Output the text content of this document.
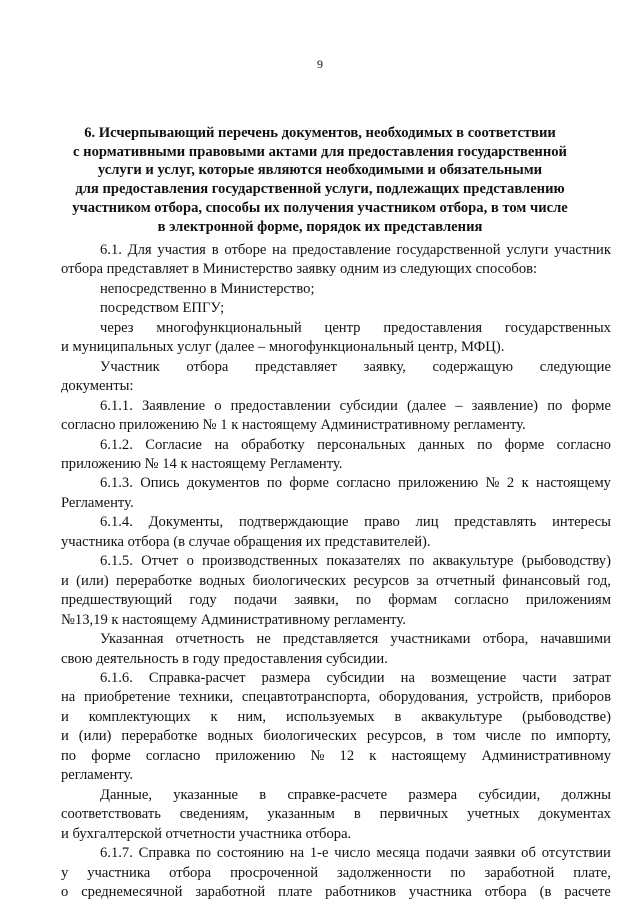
9
6. Исчерпывающий перечень документов, необходимых в соответствии
с нормативными правовыми актами для предоставления государственной
услуги и услуг, которые являются необходимыми и обязательными
для предоставления государственной услуги, подлежащих представлению
участником отбора, способы их получения участником отбора, в том числе
в электронной форме, порядок их представления
6.1. Для участия в отборе на предоставление государственной услуги участник
отбора представляет в Министерство заявку одним из следующих способов:
непосредственно в Министерство;
посредством ЕПГУ;
через многофункциональный центр предоставления государственных
и муниципальных услуг (далее – многофункциональный центр, МФЦ).
Участник отбора представляет заявку, содержащую следующие
документы:
6.1.1. Заявление о предоставлении субсидии (далее – заявление) по форме
согласно приложению № 1 к настоящему Административному регламенту.
6.1.2. Согласие на обработку персональных данных по форме согласно
приложению № 14 к настоящему Регламенту.
6.1.3. Опись документов по форме согласно приложению № 2 к настоящему
Регламенту.
6.1.4. Документы, подтверждающие право лиц представлять интересы
участника отбора (в случае обращения их представителей).
6.1.5. Отчет о производственных показателях по аквакультуре (рыбоводству)
и (или) переработке водных биологических ресурсов за отчетный финансовый год,
предшествующий году подачи заявки, по формам согласно приложениям
№13,19 к настоящему Административному регламенту.
Указанная отчетность не представляется участниками отбора, начавшими
свою деятельность в году предоставления субсидии.
6.1.6. Справка-расчет размера субсидии на возмещение части затрат
на приобретение техники, спецавтотранспорта, оборудования, устройств, приборов
и комплектующих к ним, используемых в аквакультуре (рыбоводстве)
и (или) переработке водных биологических ресурсов, в том числе по импорту,
по форме согласно приложению № 12 к настоящему Административному
регламенту.
Данные, указанные в справке-расчете размера субсидии, должны
соответствовать сведениям, указанным в первичных учетных документах
и бухгалтерской отчетности участника отбора.
6.1.7. Справка по состоянию на 1-е число месяца подачи заявки об отсутствии
у участника отбора просроченной задолженности по заработной плате,
о среднемесячной заработной плате работников участника отбора (в расчете
